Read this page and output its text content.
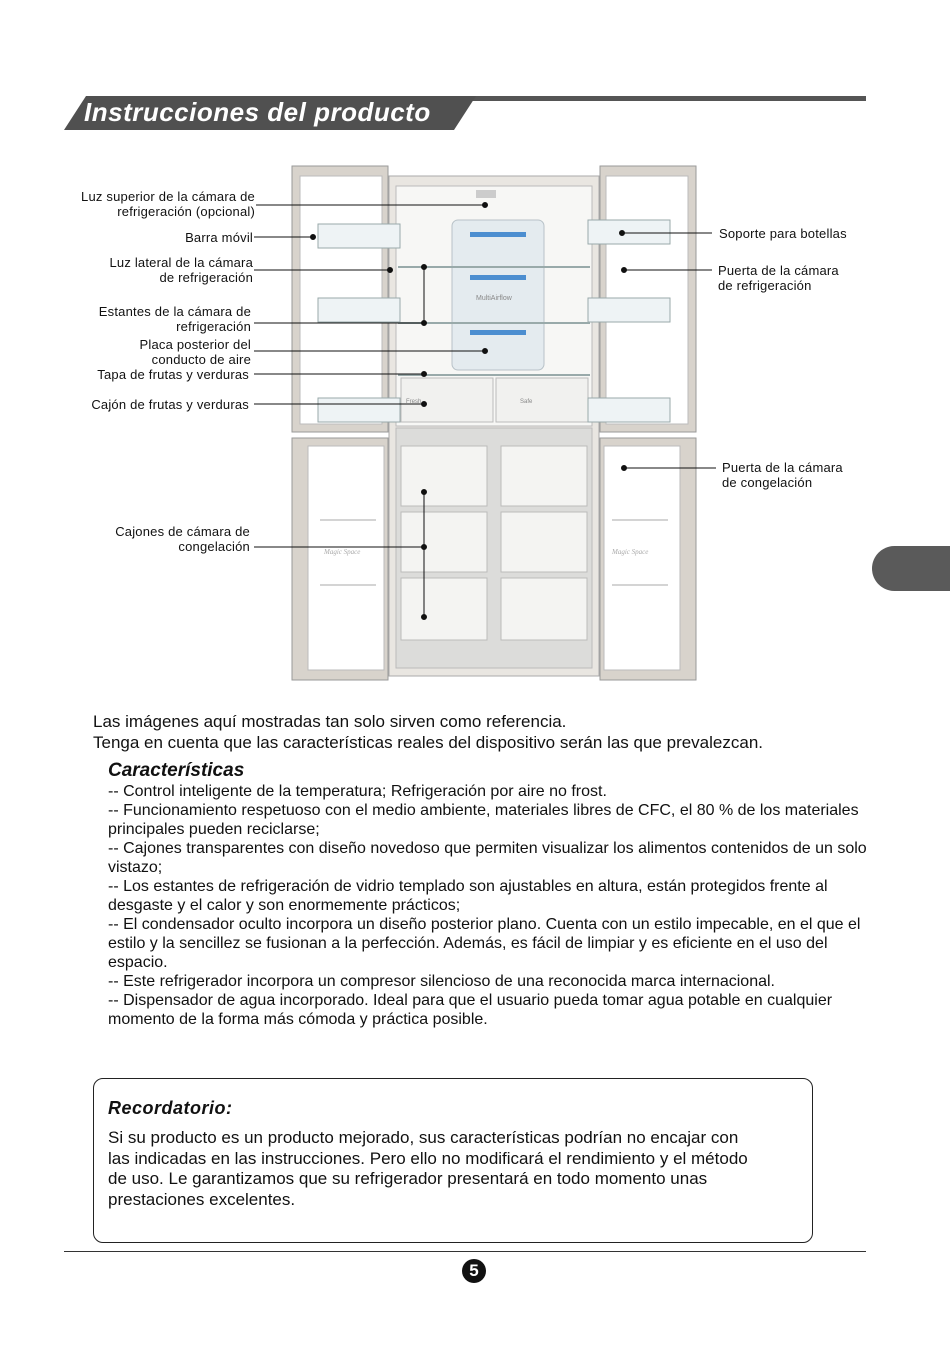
Instrucciones del producto
MultiAirflow
Fresh	Safe
Magic Space	Magic Space
Luz superior de la cámara de
refrigeración (opcional)
Barra móvil
Luz lateral de la cámara
de refrigeración
Estantes de la cámara de
refrigeración
Placa posterior del
conducto de aire
Tapa de frutas y verduras
Cajón de frutas y verduras
Cajones de cámara de
congelación
Soporte para botellas
Puerta de la cámara
de refrigeración
Puerta de la cámara
de congelación
Las imágenes aquí mostradas tan solo sirven como referencia.
Tenga en cuenta que las características reales del dispositivo serán las que prevalezcan.
Características
-- Control inteligente de la temperatura; Refrigeración por aire no frost.
-- Funcionamiento respetuoso con el medio ambiente, materiales libres de CFC, el 80 % de los materiales principales pueden reciclarse;
-- Cajones transparentes con diseño novedoso que permiten visualizar los alimentos contenidos de un solo vistazo;
-- Los estantes de refrigeración de vidrio templado son ajustables en altura, están protegidos frente al desgaste y el calor y son enormemente prácticos;
-- El condensador oculto incorpora un diseño posterior plano. Cuenta con un estilo impecable, en el que el estilo y la sencillez se fusionan a la perfección. Además, es fácil de limpiar y es eficiente en el uso del espacio.
-- Este refrigerador incorpora un compresor silencioso de una reconocida marca internacional.
-- Dispensador de agua incorporado. Ideal para que el usuario pueda tomar agua potable en cualquier momento de la forma más cómoda y práctica posible.
Recordatorio:
Si su producto es un producto mejorado, sus características podrían no encajar con las indicadas en las instrucciones. Pero ello no modificará el rendimiento y el método de uso. Le garantizamos que su refrigerador presentará en todo momento unas prestaciones excelentes.
5
